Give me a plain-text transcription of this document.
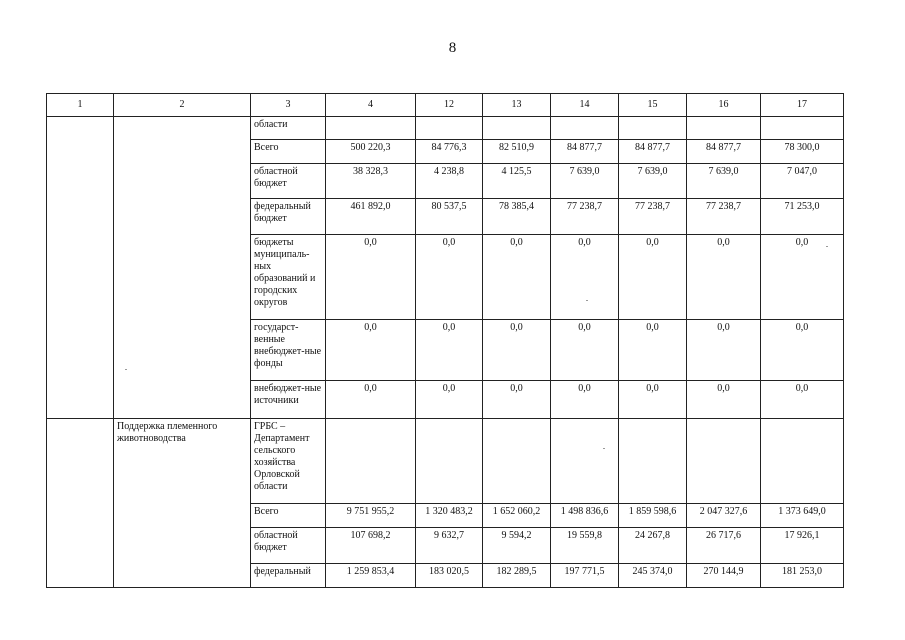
8
1	2	3	4	12	13	14	15	16	17
		области							
		Всего	500 220,3	84 776,3	82 510,9	84 877,7	84 877,7	84 877,7	78 300,0
		областной бюджет	38 328,3	4 238,8	4 125,5	7 639,0	7 639,0	7 639,0	7 047,0
		федеральный бюджет	461 892,0	80 537,5	78 385,4	77 238,7	77 238,7	77 238,7	71 253,0
		бюджеты муниципаль-ных образований и городских округов	0,0	0,0	0,0	0,0	0,0	0,0	0,0
		государст-венные внебюджет-ные фонды	0,0	0,0	0,0	0,0	0,0	0,0	0,0
		внебюджет-ные источники	0,0	0,0	0,0	0,0	0,0	0,0	0,0
	Поддержка племенного животноводства	ГРБС – Департамент сельского хозяйства Орловской области							
		Всего	9 751 955,2	1 320 483,2	1 652 060,2	1 498 836,6	1 859 598,6	2 047 327,6	1 373 649,0
		областной бюджет	107 698,2	9 632,7	9 594,2	19 559,8	24 267,8	26 717,6	17 926,1
		федеральный	1 259 853,4	183 020,5	182 289,5	197 771,5	245 374,0	270 144,9	181 253,0
